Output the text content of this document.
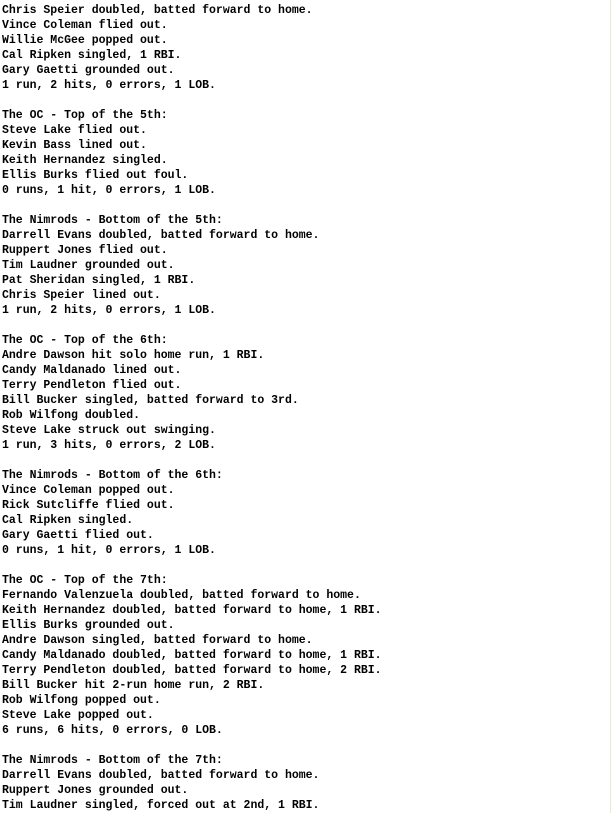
Chris Speier doubled, batted forward to home.
Vince Coleman flied out.
Willie McGee popped out.
Cal Ripken singled, 1 RBI.
Gary Gaetti grounded out.
1 run, 2 hits, 0 errors, 1 LOB.
The OC - Top of the 5th:
Steve Lake flied out.
Kevin Bass lined out.
Keith Hernandez singled.
Ellis Burks flied out foul.
0 runs, 1 hit, 0 errors, 1 LOB.
The Nimrods - Bottom of the 5th:
Darrell Evans doubled, batted forward to home.
Ruppert Jones flied out.
Tim Laudner grounded out.
Pat Sheridan singled, 1 RBI.
Chris Speier lined out.
1 run, 2 hits, 0 errors, 1 LOB.
The OC - Top of the 6th:
Andre Dawson hit solo home run, 1 RBI.
Candy Maldanado lined out.
Terry Pendleton flied out.
Bill Bucker singled, batted forward to 3rd.
Rob Wilfong doubled.
Steve Lake struck out swinging.
1 run, 3 hits, 0 errors, 2 LOB.
The Nimrods - Bottom of the 6th:
Vince Coleman popped out.
Rick Sutcliffe flied out.
Cal Ripken singled.
Gary Gaetti flied out.
0 runs, 1 hit, 0 errors, 1 LOB.
The OC - Top of the 7th:
Fernando Valenzuela doubled, batted forward to home.
Keith Hernandez doubled, batted forward to home, 1 RBI.
Ellis Burks grounded out.
Andre Dawson singled, batted forward to home.
Candy Maldanado doubled, batted forward to home, 1 RBI.
Terry Pendleton doubled, batted forward to home, 2 RBI.
Bill Bucker hit 2-run home run, 2 RBI.
Rob Wilfong popped out.
Steve Lake popped out.
6 runs, 6 hits, 0 errors, 0 LOB.
The Nimrods - Bottom of the 7th:
Darrell Evans doubled, batted forward to home.
Ruppert Jones grounded out.
Tim Laudner singled, forced out at 2nd, 1 RBI.
